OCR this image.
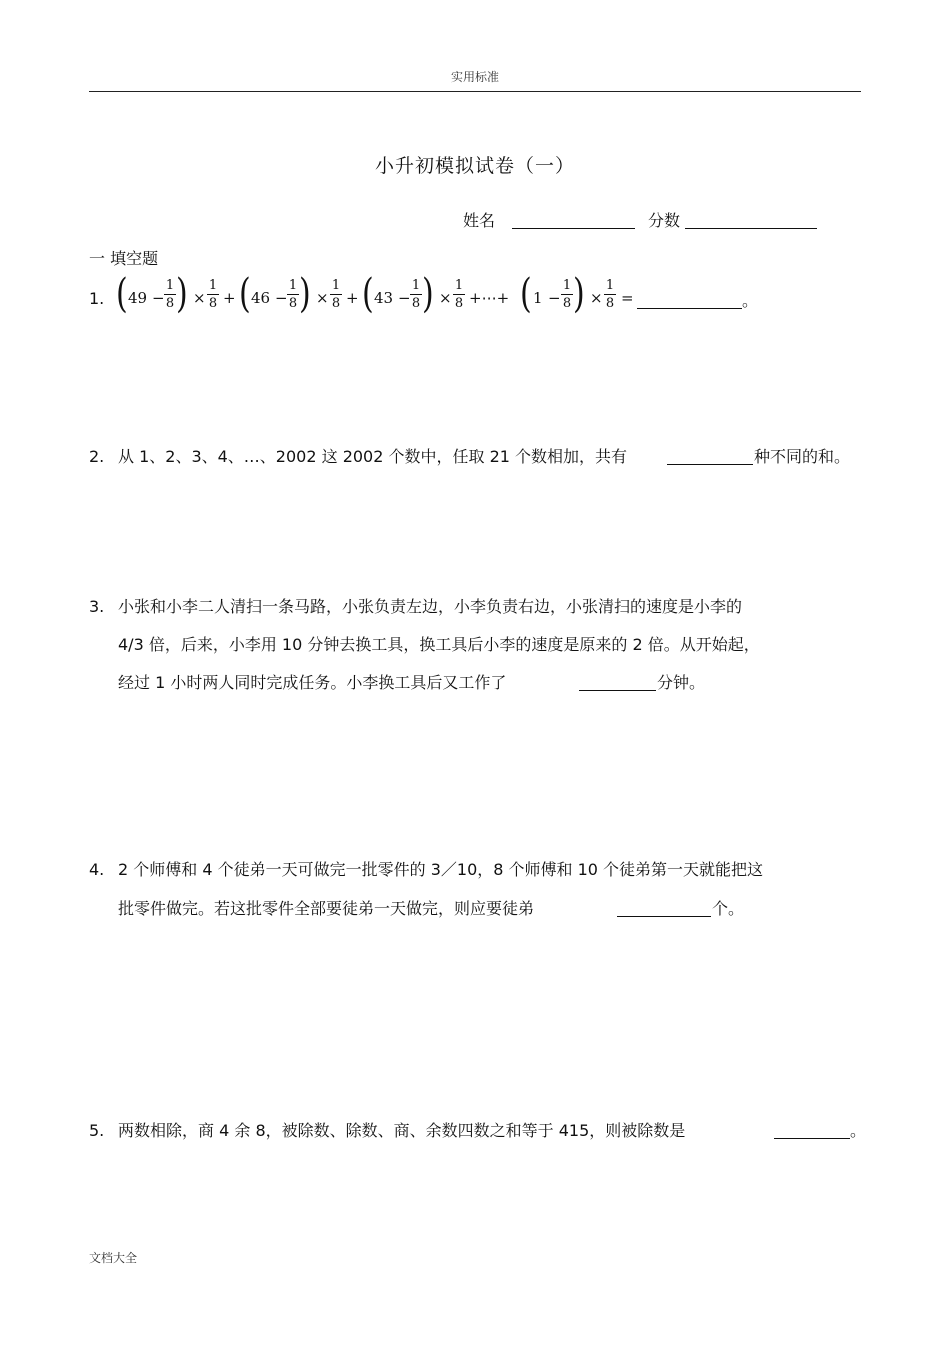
实用标准
小升初模拟试卷（一）
姓名	分数
一 填空题
1. ( 49 −
1
8 ) ×
1
8 + ( 46 −
1
8 ) ×
1
8 + ( 43 −
1
8 ) ×
1
8 +⋯+ ( 1 −
1
8 ) ×
1
8 =	。
2. 从 1、2、3、4、…、2002 这 2002 个数中，任取 21 个数相加，共有	种不同的和。
3. 小张和小李二人清扫一条马路，小张负责左边，小李负责右边，小张清扫的速度是小李的
4/3 倍，后来，小李用 10 分钟去换工具，换工具后小李的速度是原来的 2 倍。从开始起，
经过 1 小时两人同时完成任务。小李换工具后又工作了	分钟。
4. 2 个师傅和 4 个徒弟一天可做完一批零件的 3／10，8 个师傅和 10 个徒弟第一天就能把这
批零件做完。若这批零件全部要徒弟一天做完，则应要徒弟	个。
5. 两数相除，商 4 余 8，被除数、除数、商、余数四数之和等于 415，则被除数是	。
文档大全
